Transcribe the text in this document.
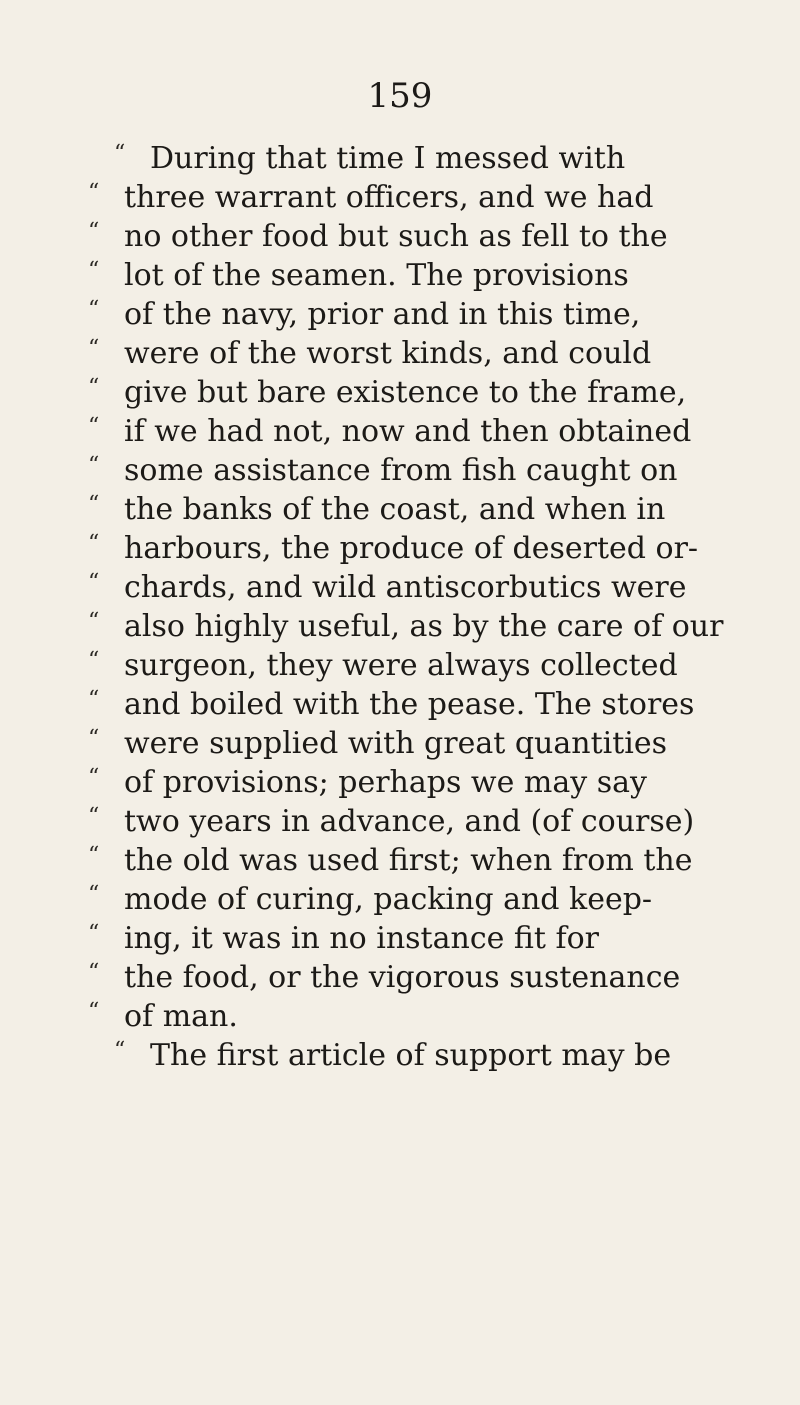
159
“ During that time I messed with
“ three warrant officers, and we had
“ no other food but such as fell to the
“ lot of the seamen. The provisions
“ of the navy, prior and in this time,
“ were of the worst kinds, and could
“ give but bare existence to the frame,
“ if we had not, now and then obtained
“ some assistance from fish caught on
“ the banks of the coast, and when in
“ harbours, the produce of deserted or-
“ chards, and wild antiscorbutics were
“ also highly useful, as by the care of our
“ surgeon, they were always collected
“ and boiled with the pease. The stores
“ were supplied with great quantities
“ of provisions; perhaps we may say
“ two years in advance, and (of course)
“ the old was used first; when from the
“ mode of curing, packing and keep-
“ ing, it was in no instance fit for
“ the food, or the vigorous sustenance
“ of man.
“ The first article of support may be
